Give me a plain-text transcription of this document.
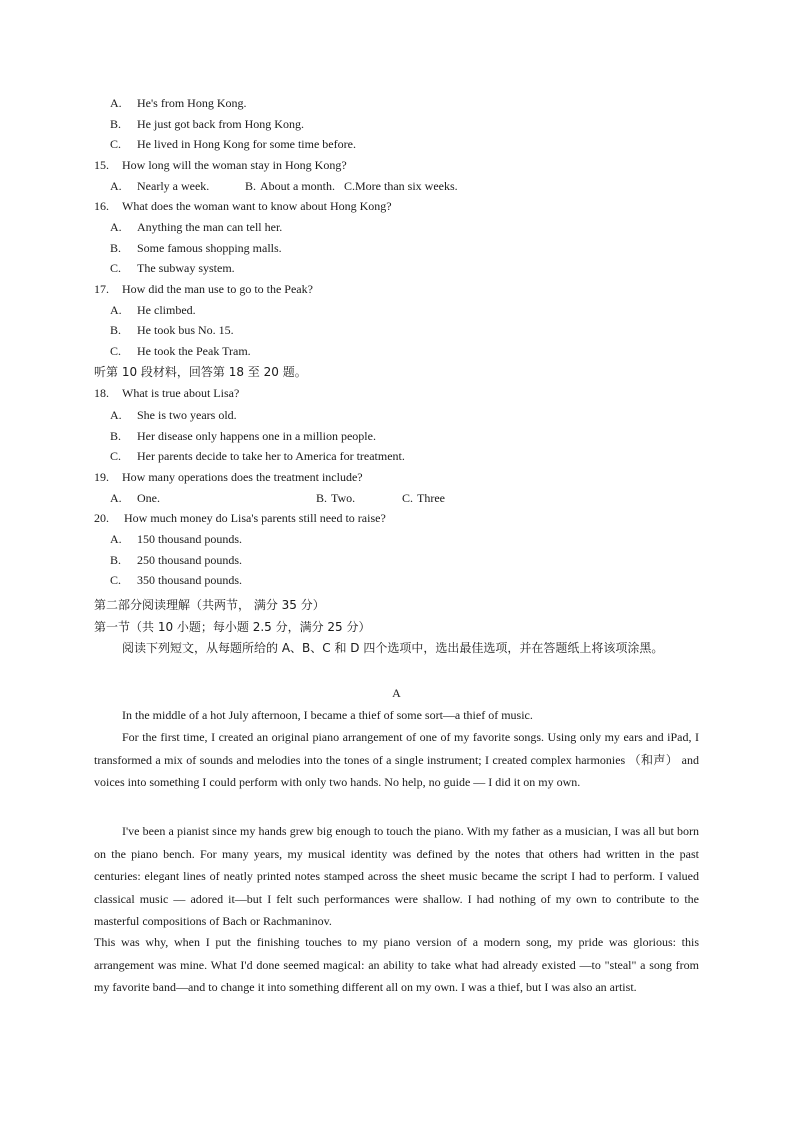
A. He's from Hong Kong.
B. He just got back from Hong Kong.
C. He lived in Hong Kong for some time before.
15. How long will the woman stay in Hong Kong?
A. Nearly a week.	B. About a month. C.More than six weeks.
16. What does the woman want to know about Hong Kong?
A. Anything the man can tell her.
B. Some famous shopping malls.
C. The subway system.
17. How did the man use to go to the Peak?
A. He climbed.
B. He took bus No. 15.
C. He took the Peak Tram.
听第 10 段材料，回答第 18 至 20 题。
18. What is true about Lisa?
A. She is two years old.
B. Her disease only happens one in a million people.
C. Her parents decide to take her to America for treatment.
19. How many operations does the treatment include?
A. One.	B. Two.	C. Three
20. How much money do Lisa's parents still need to raise?
A. 150 thousand pounds.
B. 250 thousand pounds.
C. 350 thousand pounds.
第二部分阅读理解（共两节， 满分 35 分）
第一节（共 10 小题；每小题 2.5 分，满分 25 分）
阅读下列短文，从每题所给的 A、B、C 和 D 四个选项中，选出最佳选项，并在答题纸上将该项涂黑。
A
In the middle of a hot July afternoon, I became a thief of some sort—a thief of music.
For the first time, I created an original piano arrangement of one of my favorite songs. Using only my ears and iPad, I transformed a mix of sounds and melodies into the tones of a single instrument; I created complex harmonies （和声） and voices into something I could perform with only two hands. No help, no guide — I did it on my own.
I've been a pianist since my hands grew big enough to touch the piano. With my father as a musician, I was all but born on the piano bench. For many years, my musical identity was defined by the notes that others had written in the past centuries: elegant lines of neatly printed notes stamped across the sheet music became the script I had to perform. I valued classical music — adored it—but I felt such performances were shallow. I had nothing of my own to contribute to the masterful compositions of Bach or Rachmaninov.
This was why, when I put the finishing touches to my piano version of a modern song, my pride was glorious: this arrangement was mine. What I'd done seemed magical: an ability to take what had already existed —to "steal" a song from my favorite band—and to change it into something different all on my own. I was a thief, but I was also an artist.
